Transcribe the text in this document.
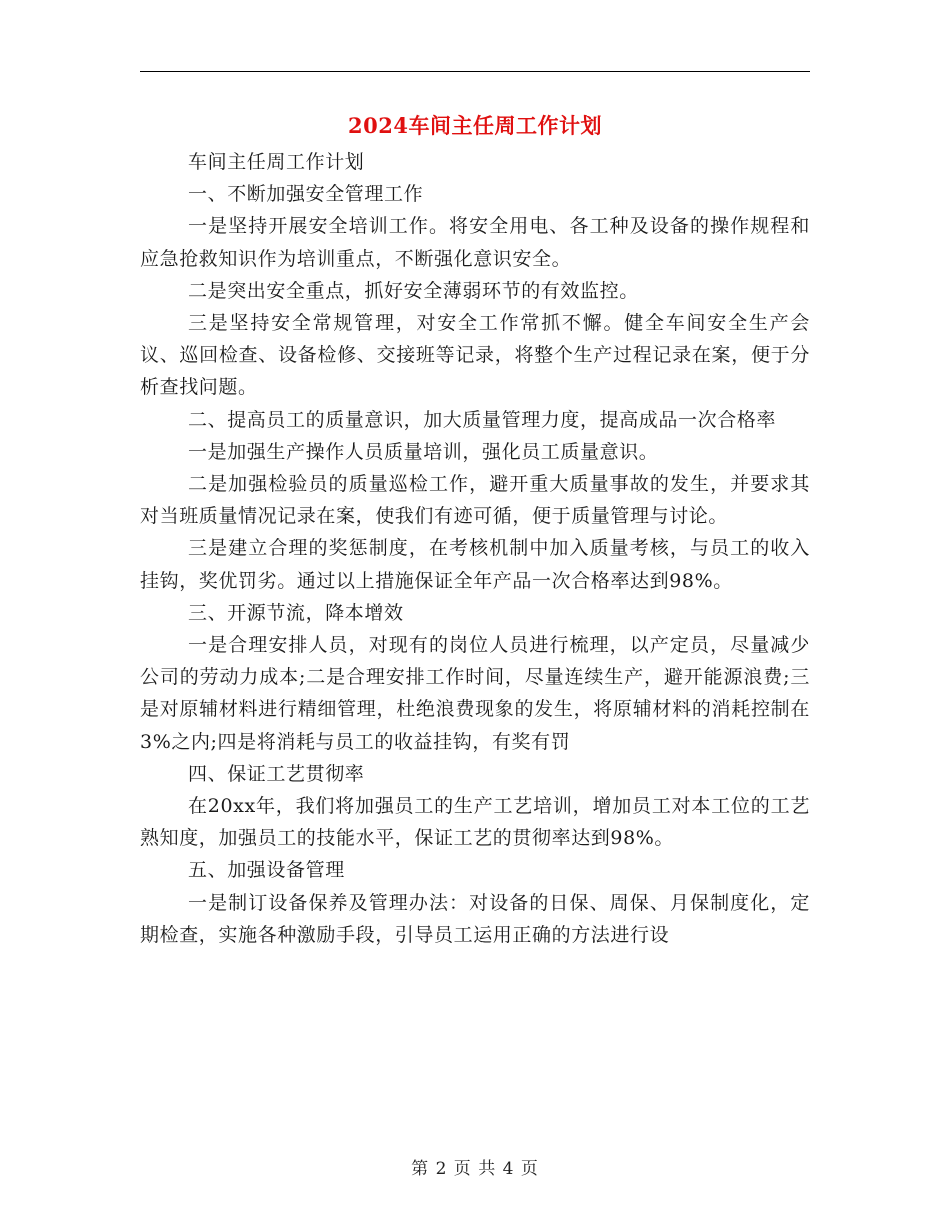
2024车间主任周工作计划

车间主任周工作计划

一、不断加强安全管理工作

一是坚持开展安全培训工作。将安全用电、各工种及设备的操作规程和应急抢救知识作为培训重点，不断强化意识安全。

二是突出安全重点，抓好安全薄弱环节的有效监控。

三是坚持安全常规管理，对安全工作常抓不懈。健全车间安全生产会议、巡回检查、设备检修、交接班等记录，将整个生产过程记录在案，便于分析查找问题。

二、提高员工的质量意识，加大质量管理力度，提高成品一次合格率

一是加强生产操作人员质量培训，强化员工质量意识。

二是加强检验员的质量巡检工作，避开重大质量事故的发生，并要求其对当班质量情况记录在案，使我们有迹可循，便于质量管理与讨论。

三是建立合理的奖惩制度，在考核机制中加入质量考核，与员工的收入挂钩，奖优罚劣。通过以上措施保证全年产品一次合格率达到98%。

三、开源节流，降本增效

一是合理安排人员，对现有的岗位人员进行梳理，以产定员，尽量减少公司的劳动力成本;二是合理安排工作时间，尽量连续生产，避开能源浪费;三是对原辅材料进行精细管理，杜绝浪费现象的发生，将原辅材料的消耗控制在3%之内;四是将消耗与员工的收益挂钩，有奖有罚

四、保证工艺贯彻率

在20xx年，我们将加强员工的生产工艺培训，增加员工对本工位的工艺熟知度，加强员工的技能水平，保证工艺的贯彻率达到98%。

五、加强设备管理

一是制订设备保养及管理办法：对设备的日保、周保、月保制度化，定期检查，实施各种激励手段，引导员工运用正确的方法进行设

第 2 页 共 4 页
